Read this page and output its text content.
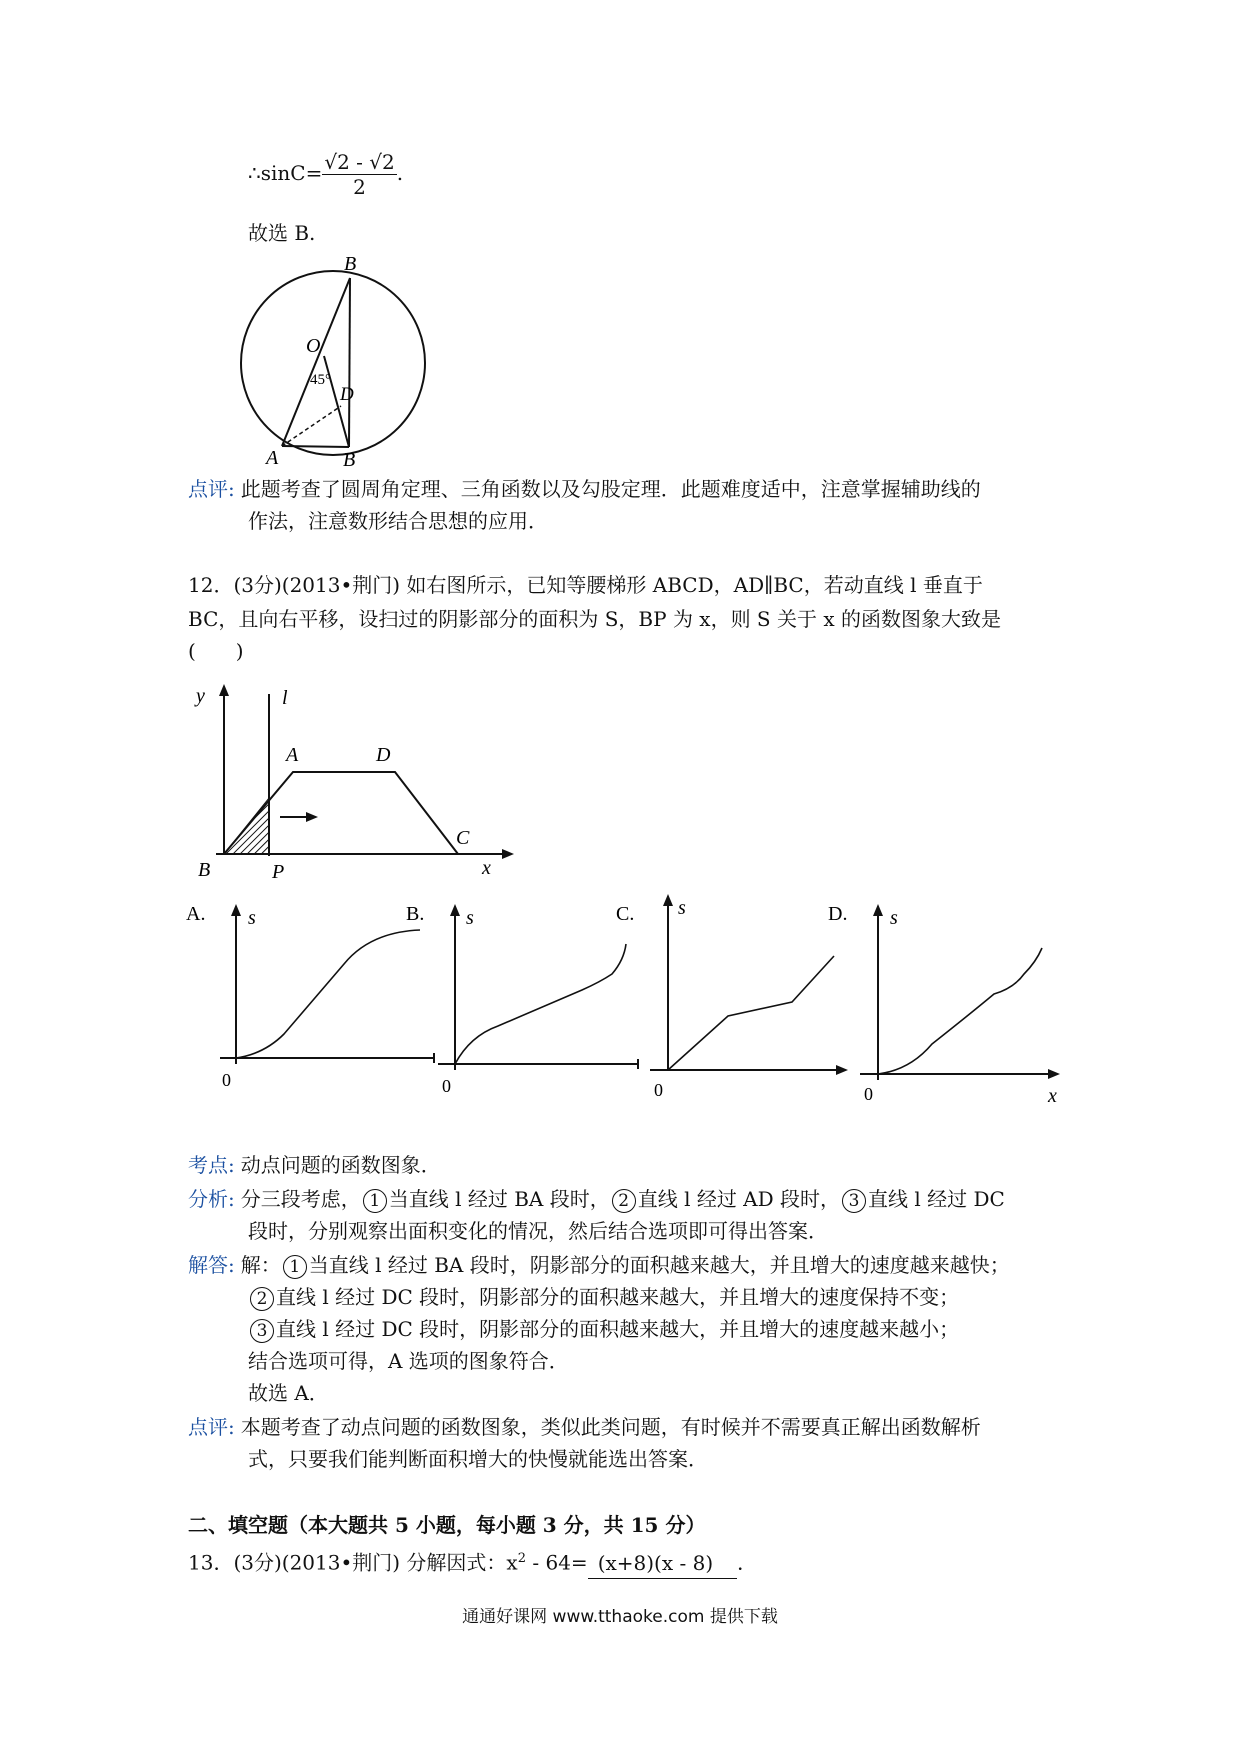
∴sinC= $\frac{√2 - √2}{2}$ .
故选 B.
B
O
45°
D
A	B
点评: 此题考查了圆周角定理、三角函数以及勾股定理．此题难度适中，注意掌握辅助线的
作法，注意数形结合思想的应用．
12．(3分)(2013•荆门) 如右图所示，已知等腰梯形 ABCD，AD∥BC，若动直线 l 垂直于
BC，且向右平移，设扫过的阴影部分的面积为 S，BP 为 x，则 S 关于 x 的函数图象大致是
(　　)
y	l
A	D
C
B	P	x
A. s
0
B. s
0
C. s
0
D. s
0	x
考点: 动点问题的函数图象．
分析: 分三段考虑， 1 当直线 l 经过 BA 段时， 2 直线 l 经过 AD 段时， 3 直线 l 经过 DC
段时，分别观察出面积变化的情况，然后结合选项即可得出答案．
解答: 解： 1 当直线 l 经过 BA 段时，阴影部分的面积越来越大，并且增大的速度越来越快；
2 直线 l 经过 DC 段时，阴影部分的面积越来越大，并且增大的速度保持不变；
3 直线 l 经过 DC 段时，阴影部分的面积越来越大，并且增大的速度越来越小；
结合选项可得，A 选项的图象符合．
故选 A．
点评: 本题考查了动点问题的函数图象，类似此类问题，有时候并不需要真正解出函数解析
式，只要我们能判断面积增大的快慢就能选出答案．
二、填空题（本大题共 5 小题，每小题 3 分，共 15 分）
13．(3分)(2013•荆门) 分解因式：$x^2 - 64= (x+8)(x - 8)$ ．
通通好课网 www.tthaoke.com 提供下载
